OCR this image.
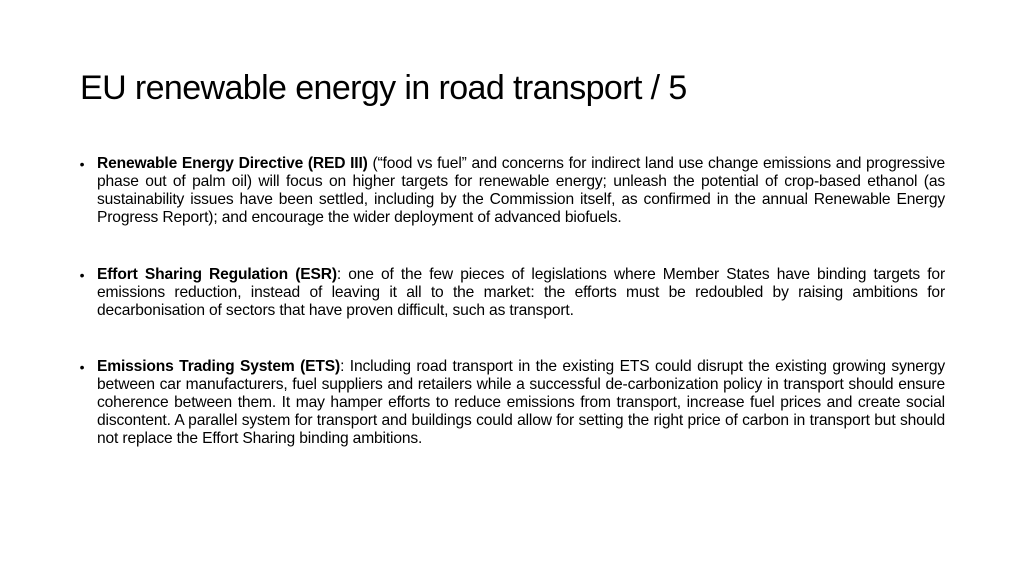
EU renewable energy in road transport / 5
• Renewable Energy Directive (RED III) (“food vs fuel” and concerns for indirect land use change emissions and progressive phase out of palm oil) will focus on higher targets for renewable energy; unleash the potential of crop-based ethanol (as sustainability issues have been settled, including by the Commission itself, as confirmed in the annual Renewable Energy Progress Report); and encourage the wider deployment of advanced biofuels.
• Effort Sharing Regulation (ESR): one of the few pieces of legislations where Member States have binding targets for emissions reduction, instead of leaving it all to the market: the efforts must be redoubled by raising ambitions for decarbonisation of sectors that have proven difficult, such as transport.
• Emissions Trading System (ETS): Including road transport in the existing ETS could disrupt the existing growing synergy between car manufacturers, fuel suppliers and retailers while a successful de-carbonization policy in transport should ensure coherence between them. It may hamper efforts to reduce emissions from transport, increase fuel prices and create social discontent. A parallel system for transport and buildings could allow for setting the right price of carbon in transport but should not replace the Effort Sharing binding ambitions.
